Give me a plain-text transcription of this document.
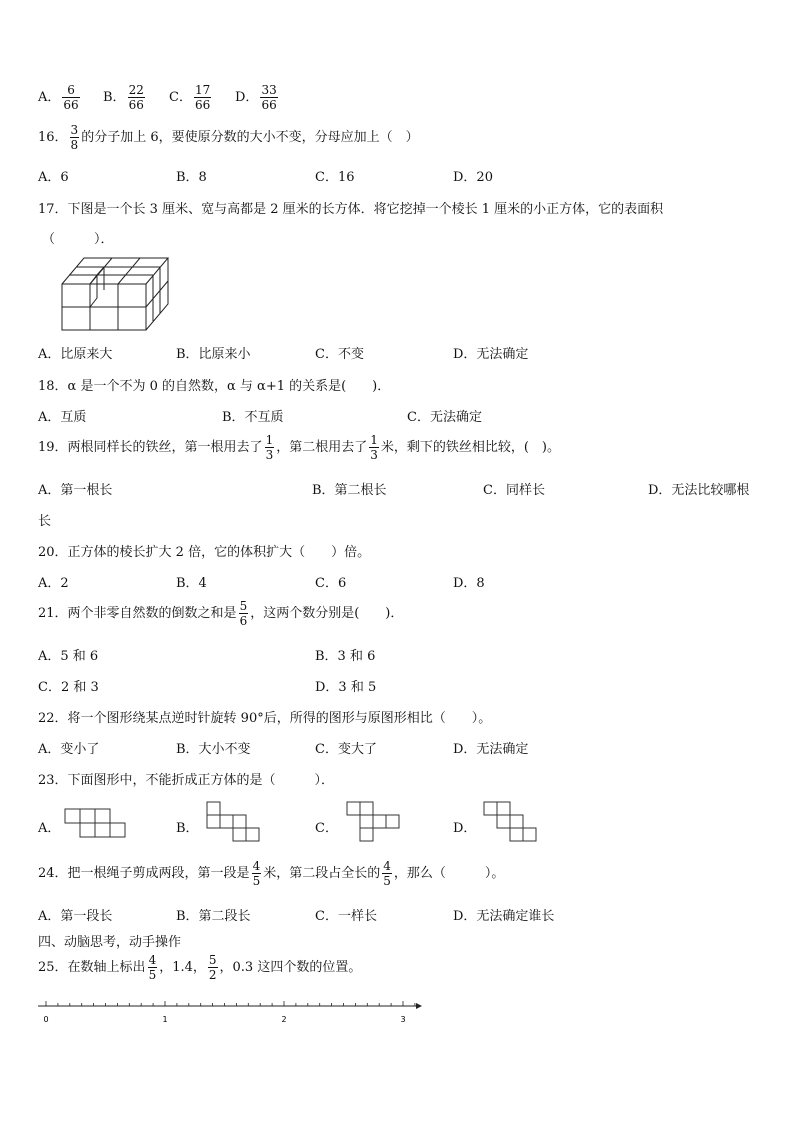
A． $\frac{6}{66}$ B． $\frac{22}{66}$ C． $\frac{17}{66}$ D． $\frac{33}{66}$
16． $\frac{3}{8}$ 的分子加上 6，要使原分数的大小不变，分母应加上（　）
A．6	B．8	C．16	D．20
17．下图是一个长 3 厘米、宽与高都是 2 厘米的长方体．将它挖掉一个棱长 1 厘米的小正方体，它的表面积
（　　　）．
A．比原来大	B．比原来小	C．不变	D．无法确定
18．α 是一个不为 0 的自然数，α 与 α+1 的关系是(　　)．
A．互质	B．不互质	C．无法确定
19．两根同样长的铁丝，第一根用去了 $\frac{1}{3}$ ，第二根用去了 $\frac{1}{3}$ 米，剩下的铁丝相比较，(　)。
A．第一根长	B．第二根长	C．同样长	D．无法比较哪根
长
20．正方体的棱长扩大 2 倍，它的体积扩大（　　）倍。
A．2	B．4	C．6	D．8
21．两个非零自然数的倒数之和是 $\frac{5}{6}$ ，这两个数分别是(　　)．
A．5 和 6	B．3 和 6
C．2 和 3	D．3 和 5
22．将一个图形绕某点逆时针旋转 90°后，所得的图形与原图形相比（　　）。
A．变小了	B．大小不变	C．变大了	D．无法确定
23．下面图形中，不能折成正方体的是（　　　）．
A．	B．	C．	D．
24．把一根绳子剪成两段，第一段是 $\frac{4}{5}$ 米，第二段占全长的 $\frac{4}{5}$ ，那么（　　　）。
A．第一段长	B．第二段长	C．一样长	D．无法确定谁长
四、动脑思考，动手操作
25．在数轴上标出 $\frac{4}{5}$ ，1.4， $\frac{5}{2}$ ，0.3 这四个数的位置。
0	1	2	3
